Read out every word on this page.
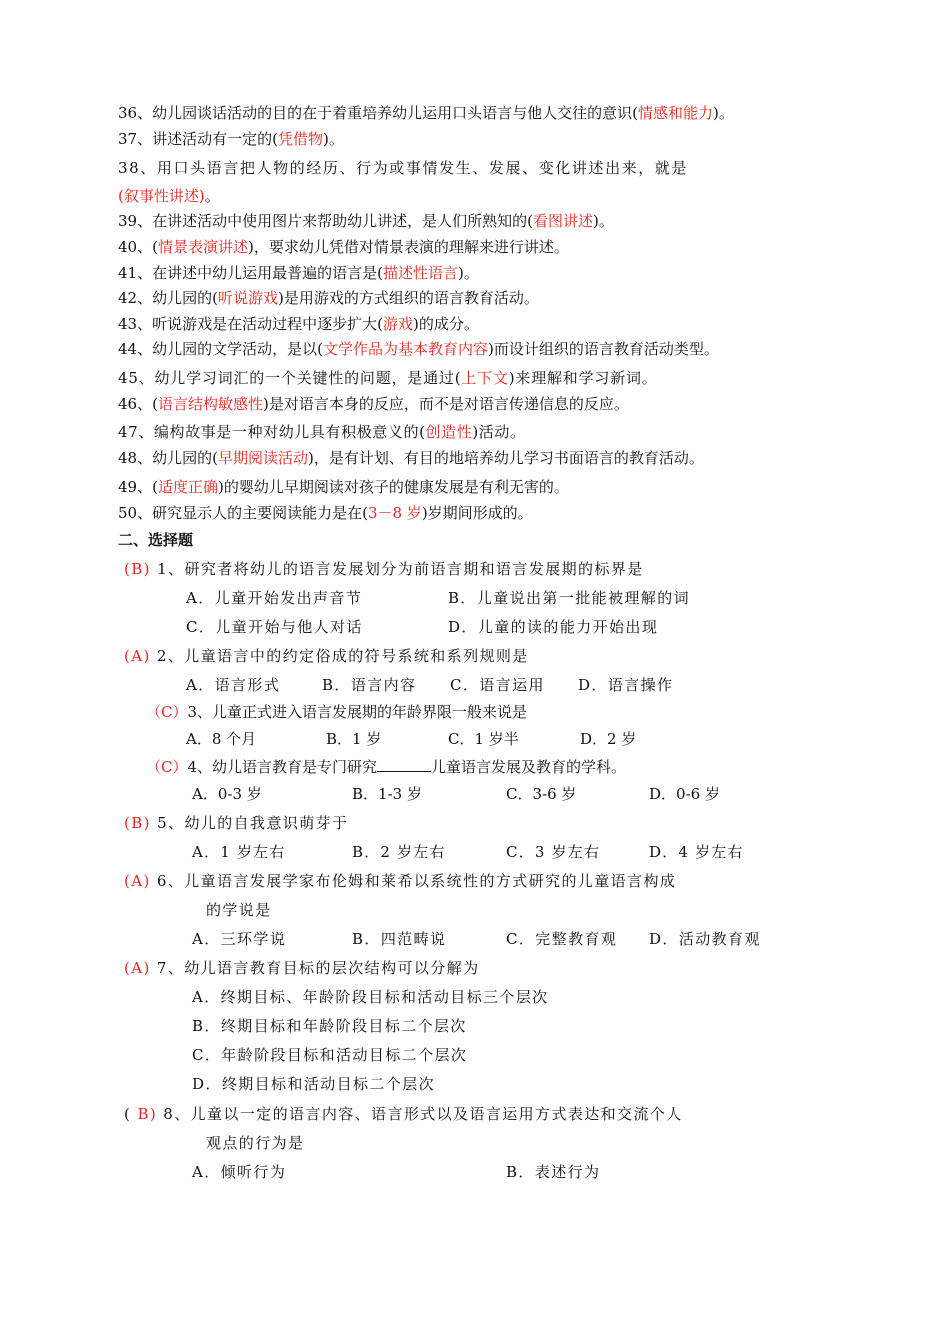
36、幼儿园谈话活动的目的在于着重培养幼儿运用口头语言与他人交往的意识(情感和能力)。
37、讲述活动有一定的(凭借物)。
38、用口头语言把人物的经历、行为或事情发生、发展、变化讲述出来，就是
(叙事性讲述)。
39、在讲述活动中使用图片来帮助幼儿讲述，是人们所熟知的(看图讲述)。
40、(情景表演讲述)，要求幼儿凭借对情景表演的理解来进行讲述。
41、在讲述中幼儿运用最普遍的语言是(描述性语言)。
42、幼儿园的(听说游戏)是用游戏的方式组织的语言教育活动。
43、听说游戏是在活动过程中逐步扩大(游戏)的成分。
44、幼儿园的文学活动，是以(文学作品为基本教育内容)而设计组织的语言教育活动类型。
45、幼儿学习词汇的一个关键性的问题，是通过(上下文)来理解和学习新词。
46、(语言结构敏感性)是对语言本身的反应，而不是对语言传递信息的反应。
47、编构故事是一种对幼儿具有积极意义的(创造性)活动。
48、幼儿园的(早期阅读活动)，是有计划、有目的地培养幼儿学习书面语言的教育活动。
49、(适度正确)的婴幼儿早期阅读对孩子的健康发展是有利无害的。
50、研究显示人的主要阅读能力是在(3－8 岁)岁期间形成的。
二、选择题
(B) 1、研究者将幼儿的语言发展划分为前语言期和语言发展期的标界是
A．儿童开始发出声音节	B．儿童说出第一批能被理解的词
C．儿童开始与他人对话	D．儿童的读的能力开始出现
(A) 2、儿童语言中的约定俗成的符号系统和系列规则是
A．语言形式	B．语言内容 C．语言运用 D．语言操作
（C）3、儿童正式进入语言发展期的年龄界限一般来说是
A．8 个月	B．1 岁	C．1 岁半	D．2 岁
（C）4、幼儿语言教育是专门研究	儿童语言发展及教育的学科。
A．0-3 岁	B．1-3 岁	C．3-6 岁	D．0-6 岁
(B) 5、幼儿的自我意识萌芽于
A．1 岁左右	B．2 岁左右	C．3 岁左右	D．4 岁左右
(A) 6、儿童语言发展学家布伦姆和莱希以系统性的方式研究的儿童语言构成
的学说是
A．三环学说	B．四范畴说	C．完整教育观 D．活动教育观
(A) 7、幼儿语言教育目标的层次结构可以分解为
A．终期目标、年龄阶段目标和活动目标三个层次
B．终期目标和年龄阶段目标二个层次
C．年龄阶段目标和活动目标二个层次
D．终期目标和活动目标二个层次
( B) 8、儿童以一定的语言内容、语言形式以及语言运用方式表达和交流个人
观点的行为是
A．倾听行为	B．表述行为
